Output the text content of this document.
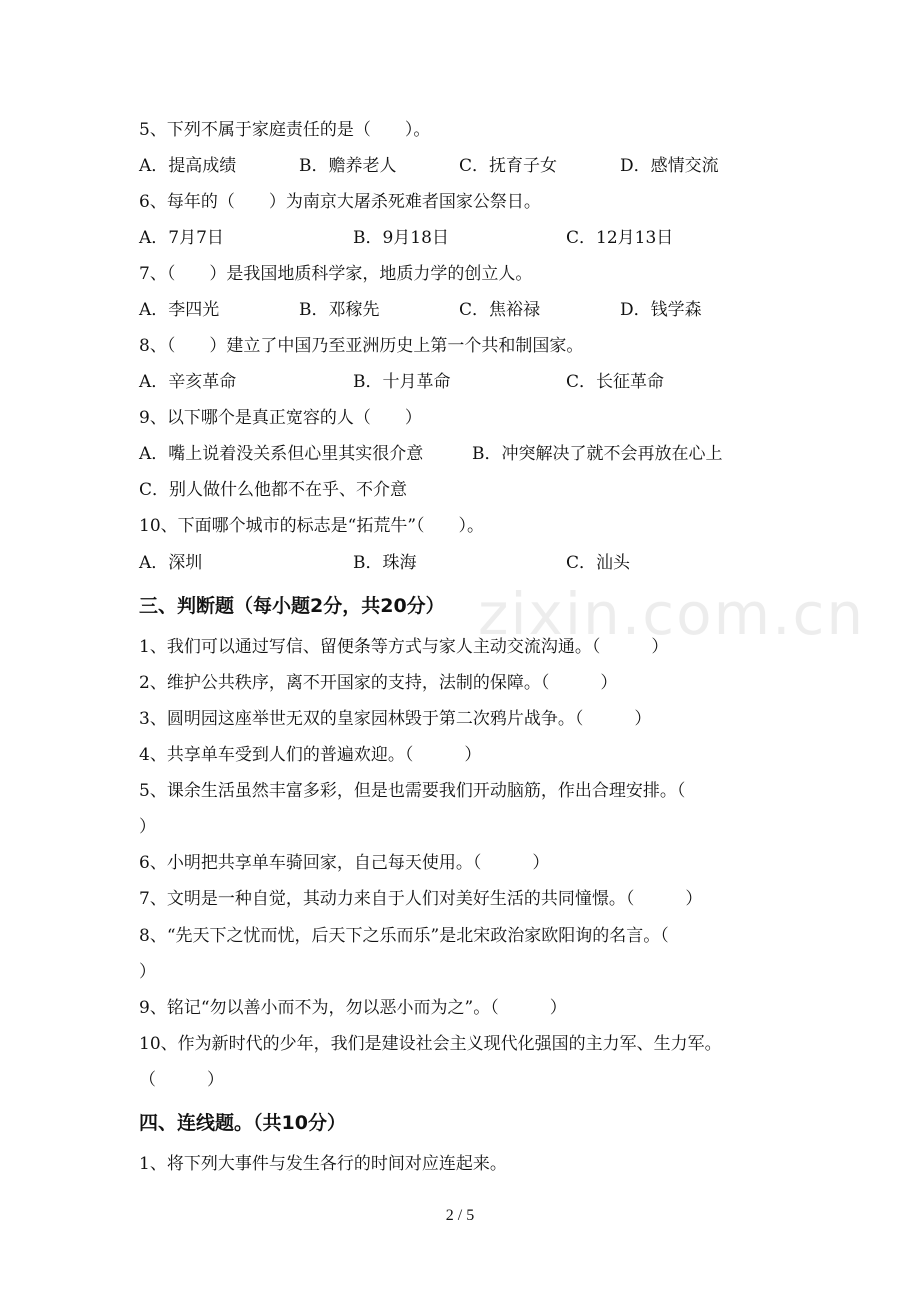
zixin.com.cn
5、下列不属于家庭责任的是（　　）。
A．提高成绩	B．赡养老人	C．抚育子女	D．感情交流
6、每年的（　　）为南京大屠杀死难者国家公祭日。
A．7月7日	B．9月18日	C．12月13日
7、（　　）是我国地质科学家，地质力学的创立人。
A．李四光	B．邓稼先	C．焦裕禄	D．钱学森
8、（　　）建立了中国乃至亚洲历史上第一个共和制国家。
A．辛亥革命	B．十月革命	C．长征革命
9、以下哪个是真正宽容的人（　　）
A．嘴上说着没关系但心里其实很介意	B．冲突解决了就不会再放在心上
C．别人做什么他都不在乎、不介意
10、下面哪个城市的标志是“拓荒牛”（　　）。
A．深圳	B．珠海	C．汕头
三、判断题（每小题2分，共20分）
1、我们可以通过写信、留便条等方式与家人主动交流沟通。（　　　）
2、维护公共秩序，离不开国家的支持，法制的保障。（　　　）
3、圆明园这座举世无双的皇家园林毁于第二次鸦片战争。（　　　）
4、共享单车受到人们的普遍欢迎。（　　　）
5、课余生活虽然丰富多彩，但是也需要我们开动脑筋，作出合理安排。（
）
6、小明把共享单车骑回家，自己每天使用。（　　　）
7、文明是一种自觉，其动力来自于人们对美好生活的共同憧憬。（　　　）
8、“先天下之忧而忧，后天下之乐而乐”是北宋政治家欧阳询的名言。（
）
9、铭记“勿以善小而不为，勿以恶小而为之”。（　　　）
10、作为新时代的少年，我们是建设社会主义现代化强国的主力军、生力军。
（　　　）
四、连线题。（共10分）
1、将下列大事件与发生各行的时间对应连起来。
2 / 5
